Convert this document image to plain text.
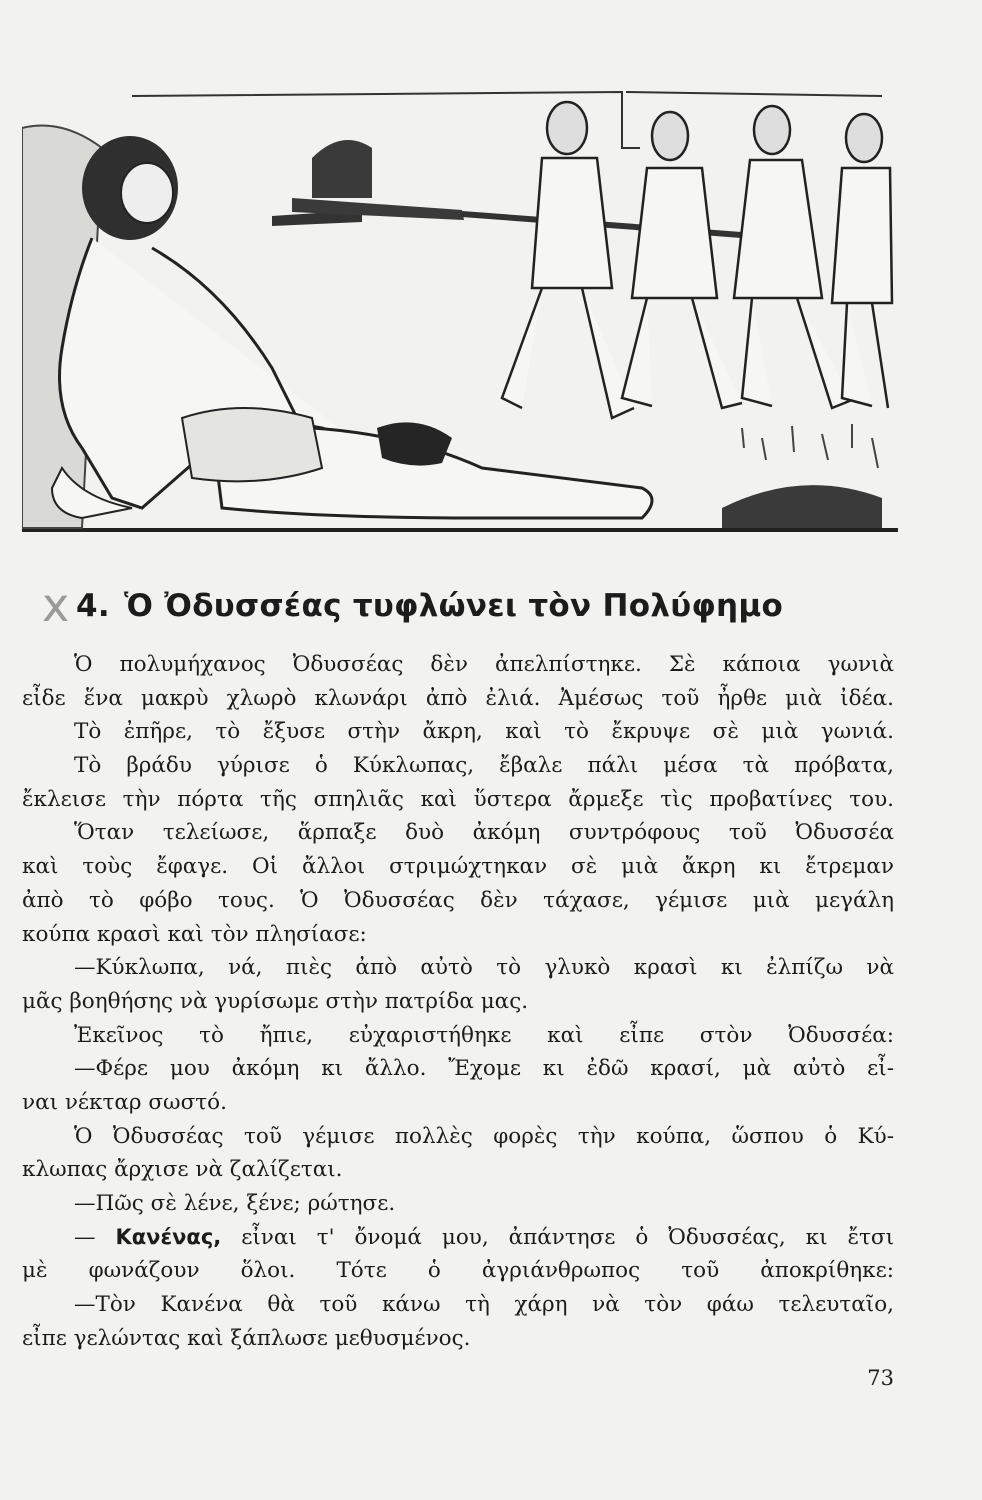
x 4. Ὁ Ὀδυσσέας τυφλώνει τὸν Πολύφημο
Ὁ πολυμήχανος Ὀδυσσέας δὲν ἀπελπίστηκε. Σὲ κάποια γωνιὰ
εἶδε ἕνα μακρὺ χλωρὸ κλωνάρι ἀπὸ ἐλιά. Ἀμέσως τοῦ ἦρθε μιὰ ἰδέα.
Τὸ ἐπῆρε, τὸ ἔξυσε στὴν ἄκρη, καὶ τὸ ἔκρυψε σὲ μιὰ γωνιά.
Τὸ βράδυ γύρισε ὁ Κύκλωπας, ἔβαλε πάλι μέσα τὰ πρόβατα,
ἔκλεισε τὴν πόρτα τῆς σπηλιᾶς καὶ ὕστερα ἄρμεξε τὶς προβατίνες του.
Ὅταν τελείωσε, ἅρπαξε δυὸ ἀκόμη συντρόφους τοῦ Ὀδυσσέα
καὶ τοὺς ἔφαγε. Οἱ ἄλλοι στριμώχτηκαν σὲ μιὰ ἄκρη κι ἔτρεμαν
ἀπὸ τὸ φόβο τους. Ὁ Ὀδυσσέας δὲν τάχασε, γέμισε μιὰ μεγάλη
κούπα κρασὶ καὶ τὸν πλησίασε:
—Κύκλωπα, νά, πιὲς ἀπὸ αὐτὸ τὸ γλυκὸ κρασὶ κι ἐλπίζω νὰ
μᾶς βοηθήσης νὰ γυρίσωμε στὴν πατρίδα μας.
Ἐκεῖνος τὸ ἤπιε, εὐχαριστήθηκε καὶ εἶπε στὸν Ὀδυσσέα:
—Φέρε μου ἀκόμη κι ἄλλο. Ἔχομε κι ἐδῶ κρασί, μὰ αὐτὸ εἶ-
ναι νέκταρ σωστό.
Ὁ Ὀδυσσέας τοῦ γέμισε πολλὲς φορὲς τὴν κούπα, ὥσπου ὁ Κύ-
κλωπας ἄρχισε νὰ ζαλίζεται.
—Πῶς σὲ λένε, ξένε; ρώτησε.
— Κανένας, εἶναι τ' ὄνομά μου, ἀπάντησε ὁ Ὀδυσσέας, κι ἔτσι
μὲ φωνάζουν ὅλοι. Τότε ὁ ἀγριάνθρωπος τοῦ ἀποκρίθηκε:
—Τὸν Κανένα θὰ τοῦ κάνω τὴ χάρη νὰ τὸν φάω τελευταῖο,
εἶπε γελώντας καὶ ξάπλωσε μεθυσμένος.
73
